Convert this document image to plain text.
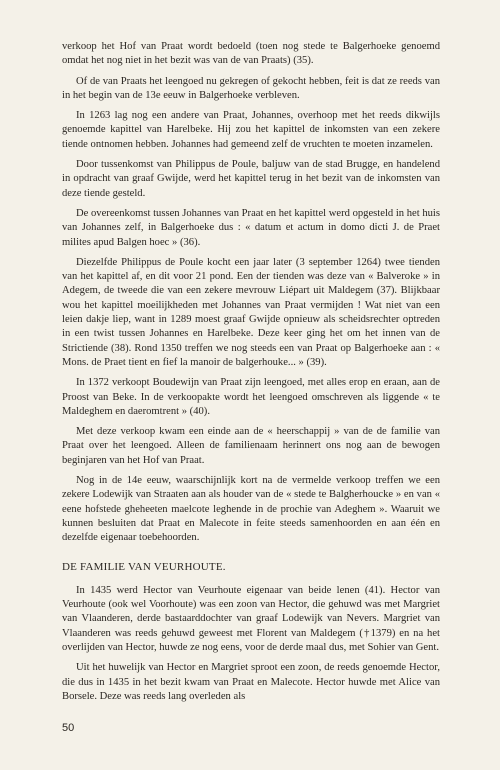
verkoop het Hof van Praat wordt bedoeld (toen nog stede te Balgerhoeke genoemd omdat het nog niet in het bezit was van de van Praats) (35).

Of de van Praats het leengoed nu gekregen of gekocht hebben, feit is dat ze reeds van in het begin van de 13e eeuw in Balgerhoeke verbleven.

In 1263 lag nog een andere van Praat, Johannes, overhoop met het reeds dikwijls genoemde kapittel van Harelbeke. Hij zou het kapittel de inkomsten van een zekere tiende ontnomen hebben. Johannes had gemeend zelf de vruchten te moeten inzamelen.

Door tussenkomst van Philippus de Poule, baljuw van de stad Brugge, en handelend in opdracht van graaf Gwijde, werd het kapittel terug in het bezit van de inkomsten van deze tiende gesteld.

De overeenkomst tussen Johannes van Praat en het kapittel werd opgesteld in het huis van Johannes zelf, in Balgerhoeke dus : « datum et actum in domo dicti J. de Praet milites apud Balgen hoec » (36).

Diezelfde Philippus de Poule kocht een jaar later (3 september 1264) twee tienden van het kapittel af, en dit voor 21 pond. Een der tienden was deze van « Balveroke » in Adegem, de tweede die van een zekere mevrouw Liépart uit Maldegem (37). Blijkbaar wou het kapittel moeilijkheden met Johannes van Praat vermijden ! Wat niet van een leien dakje liep, want in 1289 moest graaf Gwijde opnieuw als scheidsrechter optreden in een twist tussen Johannes en Harelbeke. Deze keer ging het om het innen van de Strictiende (38). Rond 1350 treffen we nog steeds een van Praat op Balgerhoeke aan : « Mons. de Praet tient en fief la manoir de balgerhouke... » (39).

In 1372 verkoopt Boudewijn van Praat zijn leengoed, met alles erop en eraan, aan de Proost van Beke. In de verkoopakte wordt het leengoed omschreven als liggende « te Maldeghem en daeromtrent » (40).

Met deze verkoop kwam een einde aan de « heerschappij » van de de familie van Praat over het leengoed. Alleen de familienaam herinnert ons nog aan de bewogen beginjaren van het Hof van Praat.

Nog in de 14e eeuw, waarschijnlijk kort na de vermelde verkoop treffen we een zekere Lodewijk van Straaten aan als houder van de « stede te Balgherhoucke » en van « eene hofstede gheheeten maelcote leghende in de prochie van Adeghem ». Waaruit we kunnen besluiten dat Praat en Malecote in feite steeds samenhoorden en aan één en dezelfde eigenaar toebehoorden.

DE FAMILIE VAN VEURHOUTE.

In 1435 werd Hector van Veurhoute eigenaar van beide lenen (41). Hector van Veurhoute (ook wel Voorhoute) was een zoon van Hector, die gehuwd was met Margriet van Vlaanderen, derde bastaarddochter van graaf Lodewijk van Nevers. Margriet van Vlaanderen was reeds gehuwd geweest met Florent van Maldegem (†1379) en na het overlijden van Hector, huwde ze nog eens, voor de derde maal dus, met Sohier van Gent.

Uit het huwelijk van Hector en Margriet sproot een zoon, de reeds genoemde Hector, die dus in 1435 in het bezit kwam van Praat en Malecote. Hector huwde met Alice van Borsele. Deze was reeds lang overleden als

50
